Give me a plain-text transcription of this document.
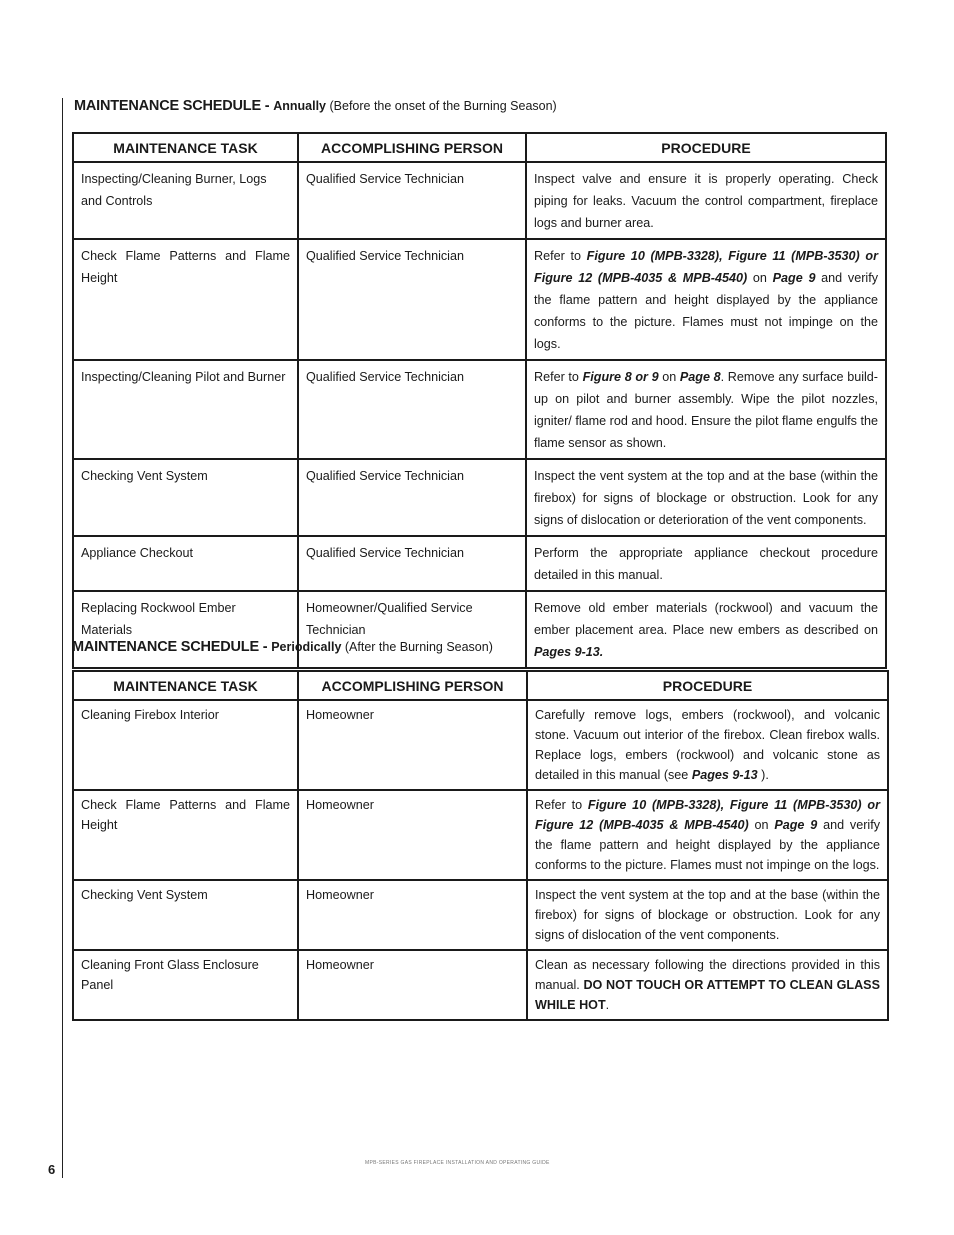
MAINTENANCE SCHEDULE - Annually (Before the onset of the Burning Season)
MAINTENANCE TASK	ACCOMPLISHING PERSON	PROCEDURE
Inspecting/Cleaning Burner, Logs and Controls	Qualified Service Technician	Inspect valve and ensure it is properly operating. Check piping for leaks. Vacuum the control compartment, fireplace logs and burner area.
Check Flame Patterns and Flame Height	Qualified Service Technician	Refer to Figure 10 (MPB-3328), Figure 11 (MPB-3530) or Figure 12 (MPB-4035 & MPB-4540) on Page 9 and verify the flame pattern and height displayed by the appliance conforms to the picture. Flames must not impinge on the logs.
Inspecting/Cleaning Pilot and Burner	Qualified Service Technician	Refer to Figure 8 or 9 on Page 8. Remove any surface build-up on pilot and burner assembly. Wipe the pilot nozzles, igniter/ flame rod and hood. Ensure the pilot flame engulfs the flame sensor as shown.
Checking Vent System	Qualified Service Technician	Inspect the vent system at the top and at the base (within the firebox) for signs of blockage or obstruction. Look for any signs of dislocation or deterioration of the vent components.
Appliance Checkout	Qualified Service Technician	Perform the appropriate appliance checkout procedure detailed in this manual.
Replacing Rockwool Ember Materials	Homeowner/Qualified Service Technician	Remove old ember materials (rockwool) and vacuum the ember placement area. Place new embers as described on Pages 9-13.
MAINTENANCE SCHEDULE - Periodically (After the Burning Season)
MAINTENANCE TASK	ACCOMPLISHING PERSON	PROCEDURE
Cleaning Firebox Interior	Homeowner	Carefully remove logs, embers (rockwool), and volcanic stone. Vacuum out interior of the firebox. Clean firebox walls. Replace logs, embers (rockwool) and volcanic stone as detailed in this manual (see Pages 9-13 ).
Check Flame Patterns and Flame Height	Homeowner	Refer to Figure 10 (MPB-3328), Figure 11 (MPB-3530) or Figure 12 (MPB-4035 & MPB-4540) on Page 9 and verify the flame pattern and height displayed by the appliance conforms to the picture. Flames must not impinge on the logs.
Checking Vent System	Homeowner	Inspect the vent system at the top and at the base (within the firebox) for signs of blockage or obstruction. Look for any signs of dislocation of the vent components.
Cleaning Front Glass Enclosure Panel	Homeowner	Clean as necessary following the directions provided in this manual. DO NOT TOUCH OR ATTEMPT TO CLEAN GLASS WHILE HOT.
6	MPB-SERIES GAS FIREPLACE INSTALLATION AND OPERATING GUIDE
